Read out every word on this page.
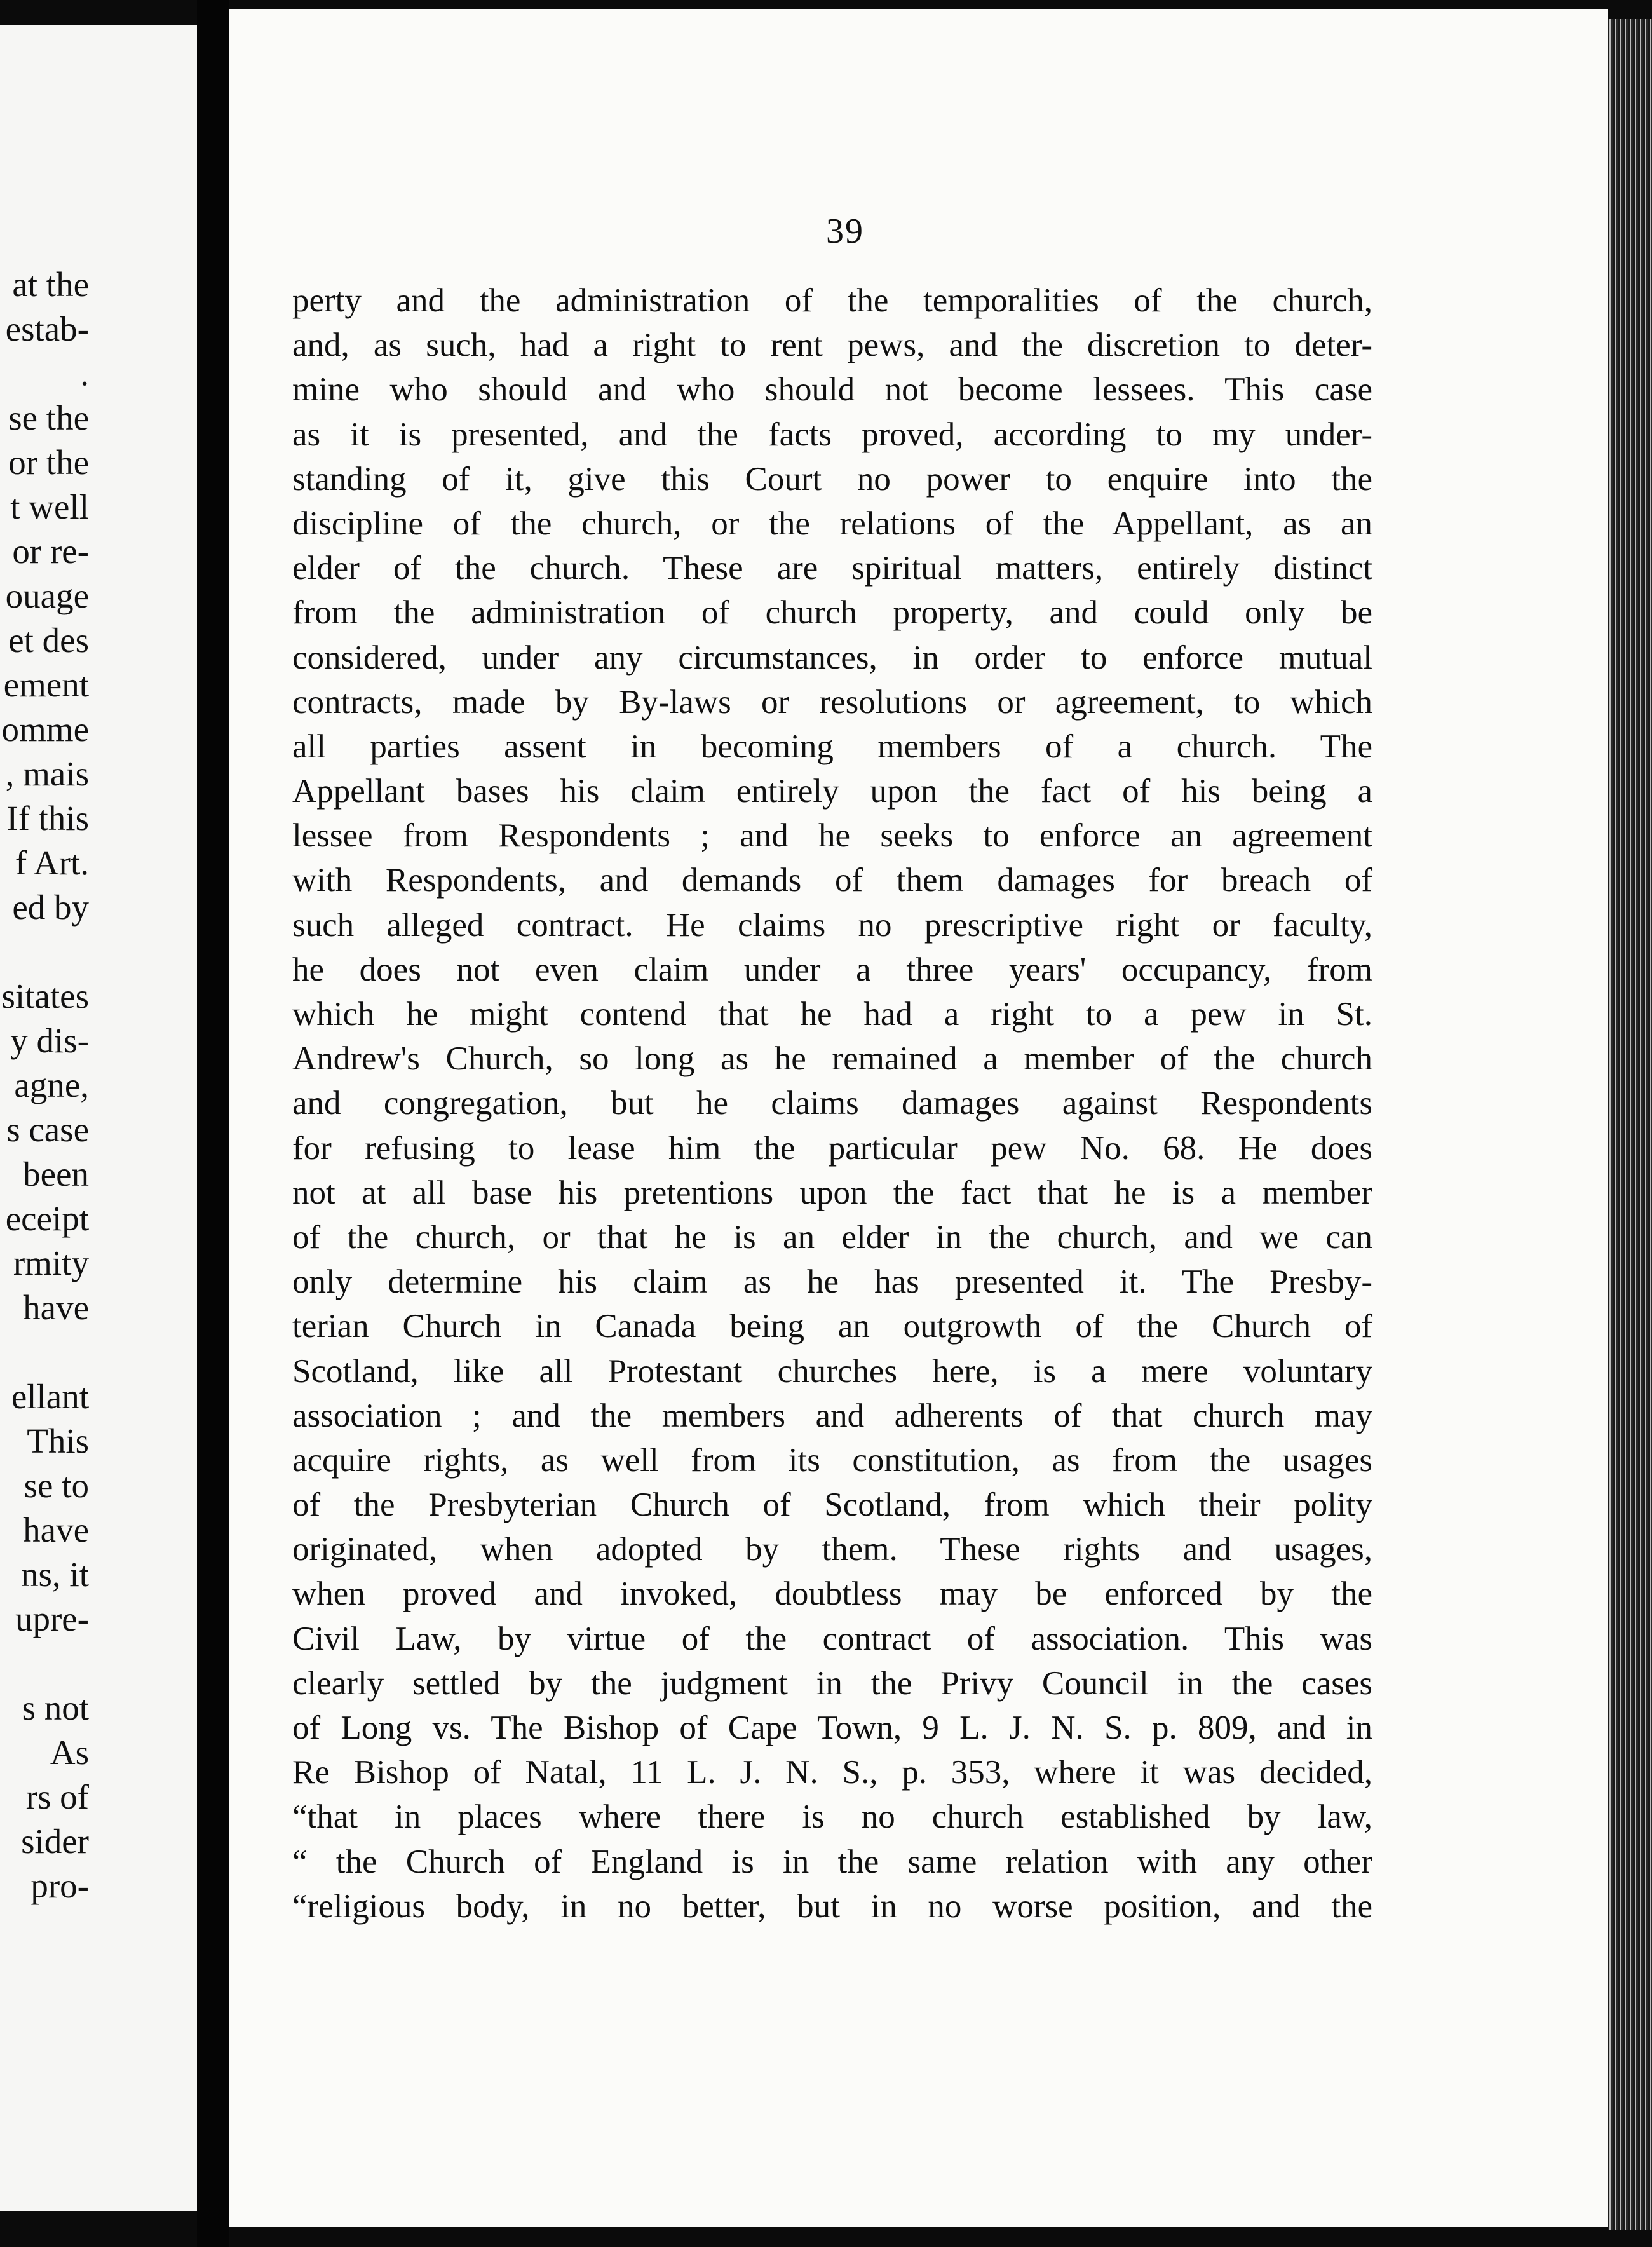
at the
estab-
.
se the
or the
t well
or re-
ouage
et des
ement
omme
, mais
If this
f Art.
ed by
sitates
y dis-
agne,
s case
been
eceipt
rmity
have
ellant
This
se to
have
ns, it
upre-
s not
As
rs of
sider
pro-
39
perty and the administration of the temporalities of the church,
and, as such, had a right to rent pews, and the discretion to deter-
mine who should and who should not become lessees. This case
as it is presented, and the facts proved, according to my under-
standing of it, give this Court no power to enquire into the
discipline of the church, or the relations of the Appellant, as an
elder of the church. These are spiritual matters, entirely distinct
from the administration of church property, and could only be
considered, under any circumstances, in order to enforce mutual
contracts, made by By-laws or resolutions or agreement, to which
all parties assent in becoming members of a church. The
Appellant bases his claim entirely upon the fact of his being a
lessee from Respondents ; and he seeks to enforce an agreement
with Respondents, and demands of them damages for breach of
such alleged contract. He claims no prescriptive right or faculty,
he does not even claim under a three years' occupancy, from
which he might contend that he had a right to a pew in St.
Andrew's Church, so long as he remained a member of the church
and congregation, but he claims damages against Respondents
for refusing to lease him the particular pew No. 68. He does
not at all base his pretentions upon the fact that he is a member
of the church, or that he is an elder in the church, and we can
only determine his claim as he has presented it. The Presby-
terian Church in Canada being an outgrowth of the Church of
Scotland, like all Protestant churches here, is a mere voluntary
association ; and the members and adherents of that church may
acquire rights, as well from its constitution, as from the usages
of the Presbyterian Church of Scotland, from which their polity
originated, when adopted by them. These rights and usages,
when proved and invoked, doubtless may be enforced by the
Civil Law, by virtue of the contract of association. This was
clearly settled by the judgment in the Privy Council in the cases
of Long vs. The Bishop of Cape Town, 9 L. J. N. S. p. 809, and in
Re Bishop of Natal, 11 L. J. N. S., p. 353, where it was decided,
“that in places where there is no church established by law,
“ the Church of England is in the same relation with any other
“religious body, in no better, but in no worse position, and the
